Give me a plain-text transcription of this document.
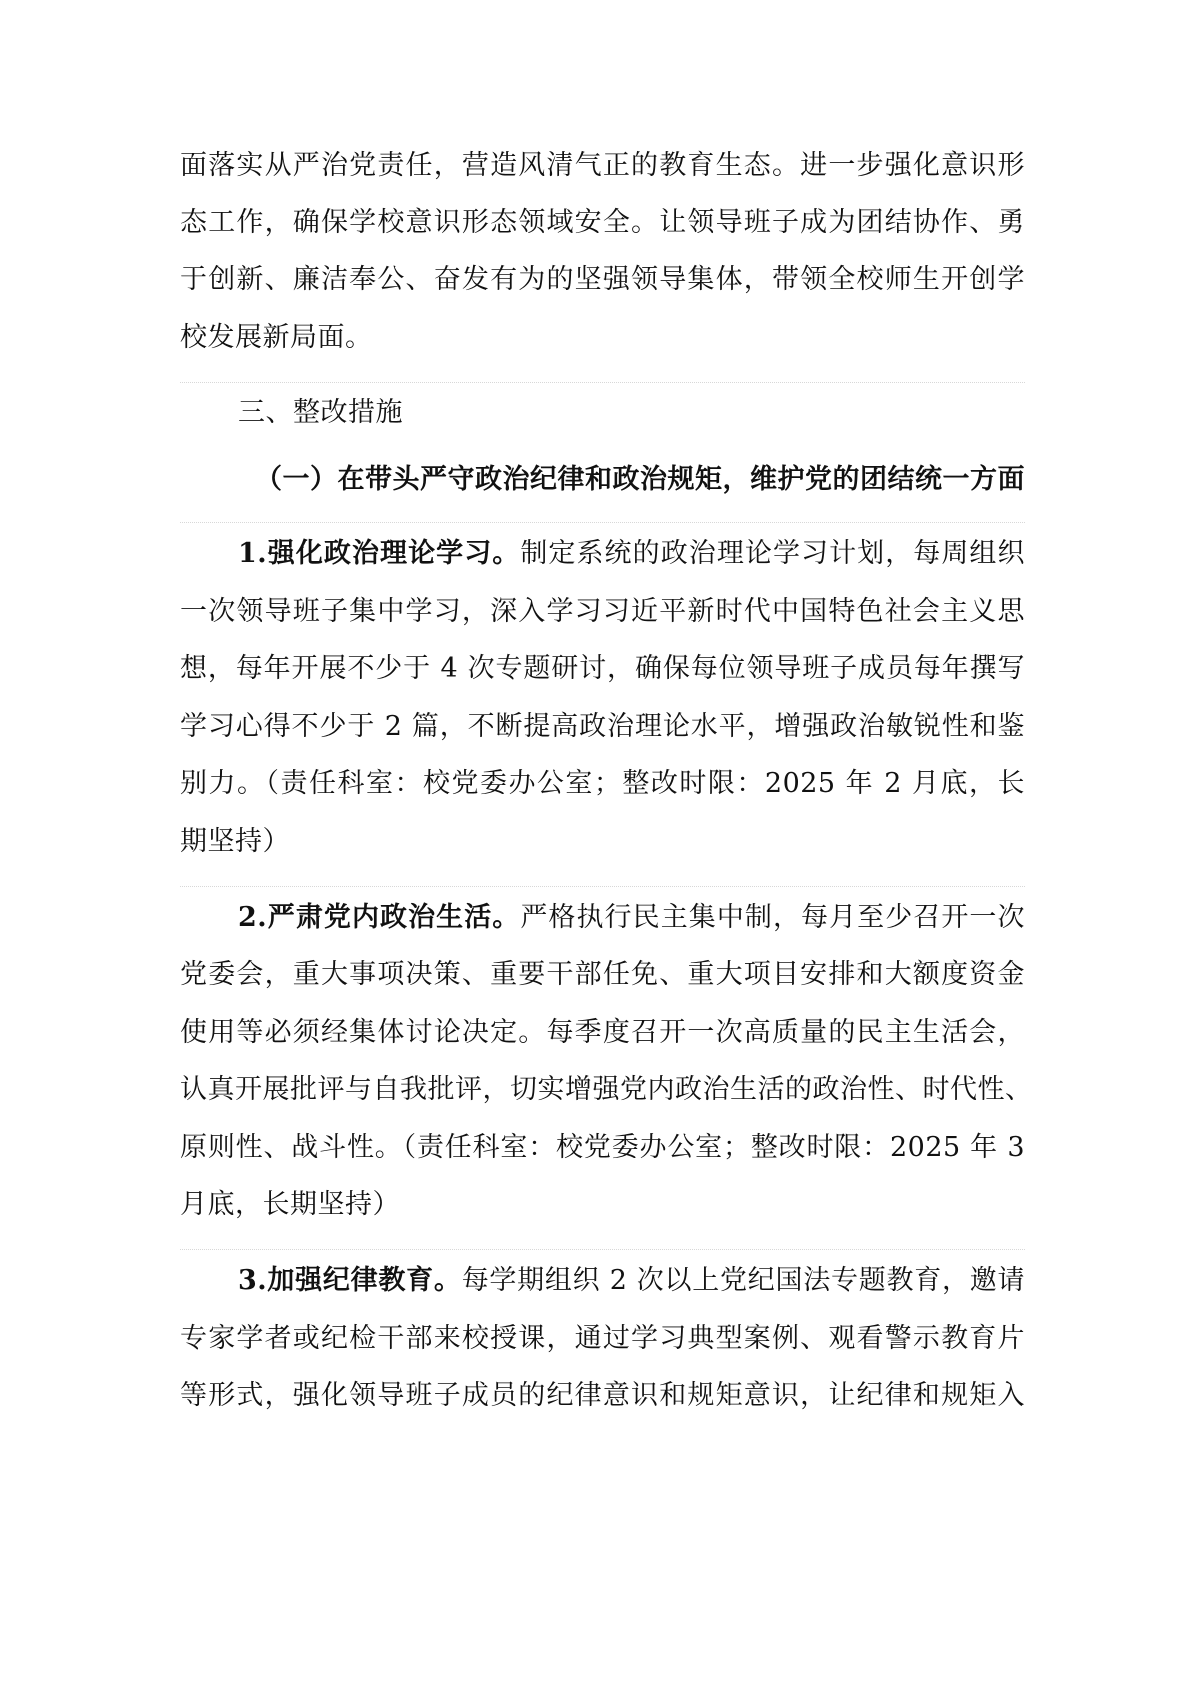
面落实从严治党责任，营造风清气正的教育生态。进一步强化意识形
态工作，确保学校意识形态领域安全。让领导班子成为团结协作、勇
于创新、廉洁奉公、奋发有为的坚强领导集体，带领全校师生开创学
校发展新局面。
三、整改措施
（一）在带头严守政治纪律和政治规矩，维护党的团结统一方面
1.强化政治理论学习。制定系统的政治理论学习计划，每周组织
一次领导班子集中学习，深入学习习近平新时代中国特色社会主义思
想，每年开展不少于 4 次专题研讨，确保每位领导班子成员每年撰写
学习心得不少于 2 篇，不断提高政治理论水平，增强政治敏锐性和鉴
别力。（责任科室：校党委办公室；整改时限：2025 年 2 月底，长
期坚持）
2.严肃党内政治生活。严格执行民主集中制，每月至少召开一次
党委会，重大事项决策、重要干部任免、重大项目安排和大额度资金
使用等必须经集体讨论决定。每季度召开一次高质量的民主生活会，
认真开展批评与自我批评，切实增强党内政治生活的政治性、时代性、
原则性、战斗性。（责任科室：校党委办公室；整改时限：2025 年 3
月底，长期坚持）
3.加强纪律教育。每学期组织 2 次以上党纪国法专题教育，邀请
专家学者或纪检干部来校授课，通过学习典型案例、观看警示教育片
等形式，强化领导班子成员的纪律意识和规矩意识，让纪律和规矩入
